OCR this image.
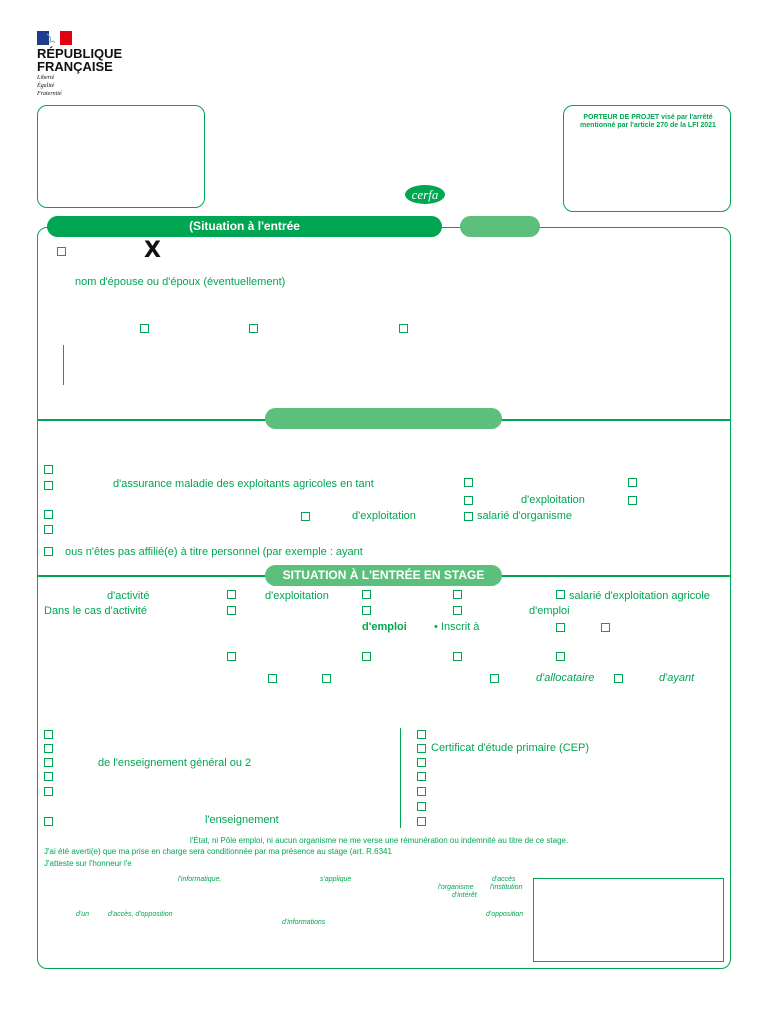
RÉPUBLIQUE
FRANÇAISE
Liberté
Égalité
Fraternité
PORTEUR DE PROJET visé par l'arrêté mentionné par l'article 270 de la LFI 2021
cerfa
(Situation à l'entrée
X
nom d'épouse ou d'époux (éventuellement)
d'assurance maladie des exploitants agricoles en tant
d'exploitation
d'exploitation	salarié d'organisme
ous n'êtes pas affilié(e) à titre personnel (par exemple : ayant
SITUATION À L'ENTRÉE EN STAGE
d'activité	d'exploitation	salarié d'exploitation agricole
Dans le cas d'activité	d'emploi
d'emploi • Inscrit à
d'allocataire	d'ayant
de l'enseignement général ou 2
l'enseignement
Certificat d'étude primaire (CEP)
l'État, ni Pôle emploi, ni aucun organisme ne me verse une rémunération ou indemnité au titre de ce stage.
J'ai été averti(e) que ma prise en charge sera conditionnée par ma présence au stage (art. R.6341
J'atteste sur l'honneur l'e
l'informatique,	s'applique	d'accès
l'institution
l'organisme
d'intérêt
d'un	d'accès, d'opposition	d'opposition
d'informations
